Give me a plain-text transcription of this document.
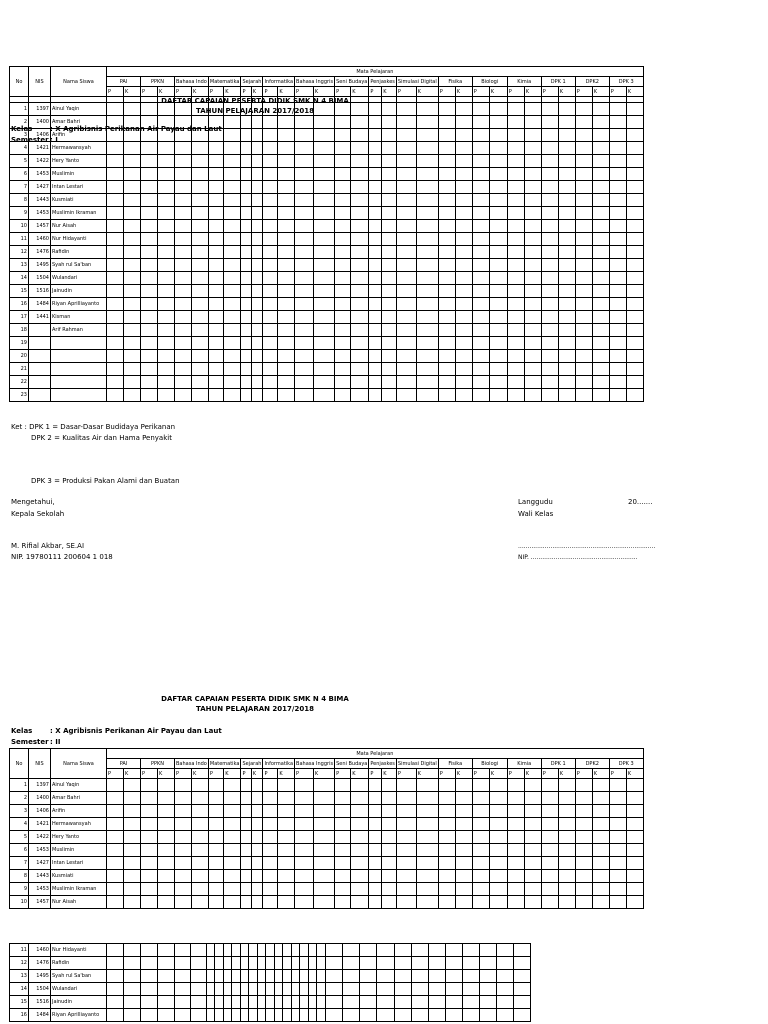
DAFTAR CAPAIAN PESERTA DIDIK SMK N 4 BIMA
TAHUN PELAJARAN 2017/2018
Kelas	: X Agribisnis Perikanan Air Payau dan Laut
Semester: I
No	NIS	Nama Siswa	Mata Pelajaran																															
			PAI		PPKN		Bahasa Indo		Matematika		Sejarah		Informatika		Bahasa Inggris		Seni Budaya		Penjaskes		Simulasi Digital		Fisika		Biologi		Kimia		DPK 1		DPK2		DPK 3	
			P	K	P	K	P	K	P	K	P	K	P	K	P	K	P	K	P	K	P	K	P	K	P	K	P	K	P	K	P	K	P	K

1	1397	Ainul Yaqin																																
2	1400	Amar Bahri																																
3	1406	Arifin																																
4	1421	Hermawansyah																																
5	1422	Hery Yanto																																
6	1453	Muslimin																																
7	1427	Intan Lestari																																
8	1443	Kusmiati																																
9	1453	Muslimin Ikraman																																
10	1457	Nur Aisah																																
11	1460	Nur Hidayanti																																
12	1476	Rafidin																																
13	1495	Syah rul Sa'ban																																
14	1504	Wulandari																																
15	1516	Jainudin																																
16	1484	Riyan Aprilliayanto																																
17	1441	Kisman																																
18		Arif Rahman																																
19																																		
20																																		
21																																		
22																																		
23																																		
Ket : DPK 1 = Dasar-Dasar Budidaya Perikanan
DPK 2 = Kualitas Air dan Hama Penyakit
DPK 3 = Produksi Pakan Alami dan Buatan
Mengetahui,
Kepala Sekolah
Langgudu	20.......
Wali Kelas
M. Rifial Akbar, SE.AI
NIP. 19780111 200604 1 018
........................................................................
NIP. ........................................................
DAFTAR CAPAIAN PESERTA DIDIK SMK N 4 BIMA
TAHUN PELAJARAN 2017/2018
Kelas	: X Agribisnis Perikanan Air Payau dan Laut
Semester: II
No	NIS	Nama Siswa	Mata Pelajaran																															
			PAI		PPKN		Bahasa Indo		Matematika		Sejarah		Informatika		Bahasa Inggris		Seni Budaya		Penjaskes		Simulasi Digital		Fisika		Biologi		Kimia		DPK 1		DPK2		DPK 3	
			P	K	P	K	P	K	P	K	P	K	P	K	P	K	P	K	P	K	P	K	P	K	P	K	P	K	P	K	P	K	P	K
1	1397	Ainul Yaqin																																
2	1400	Amar Bahri																																
3	1406	Arifin																																
4	1421	Hermawansyah																																
5	1422	Hery Yanto																																
6	1453	Muslimin																																
7	1427	Intan Lestari																																
8	1443	Kusmiati																																
9	1453	Muslimin Ikraman																																
10	1457	Nur Aisah																																
11	1460	Nur Hidayanti																																
12	1476	Rafidin																																
13	1495	Syah rul Sa'ban																																
14	1504	Wulandari																																
15	1516	Jainudin																																
16	1484	Riyan Aprilliayanto																																
